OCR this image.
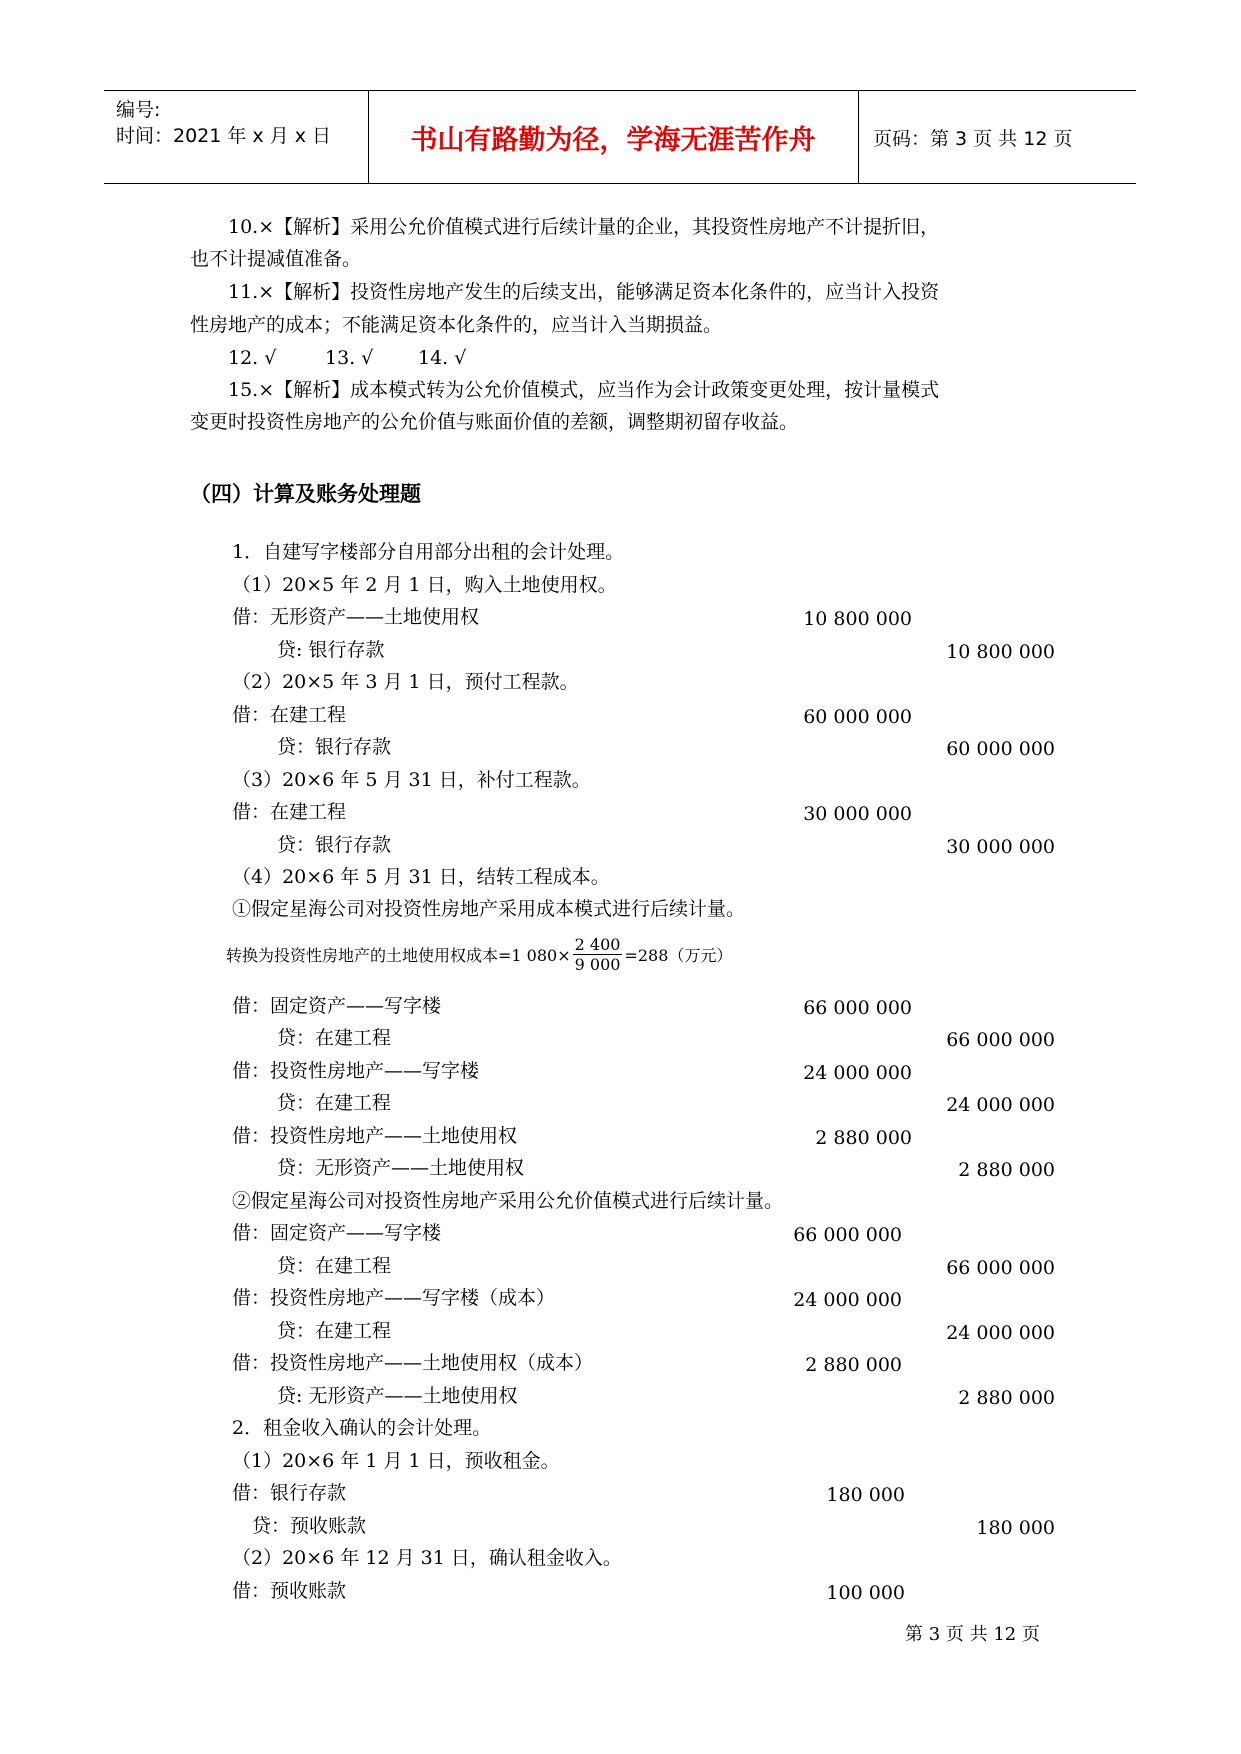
编号:
时间：2021 年 x 月 x 日	书山有路勤为径，学海无涯苦作舟	页码：第 3 页 共 12 页
10.×【解析】采用公允价值模式进行后续计量的企业，其投资性房地产不计提折旧，
也不计提减值准备。
11.×【解析】投资性房地产发生的后续支出，能够满足资本化条件的，应当计入投资
性房地产的成本；不能满足资本化条件的，应当计入当期损益。
12. √	13. √ 14. √
15.×【解析】成本模式转为公允价值模式，应当作为会计政策变更处理，按计量模式
变更时投资性房地产的公允价值与账面价值的差额，调整期初留存收益。
（四）计算及账务处理题
1．自建写字楼部分自用部分出租的会计处理。
（1）20×5 年 2 月 1 日，购入土地使用权。
借：无形资产——土地使用权	10 800 000
贷: 银行存款	10 800 000
（2）20×5 年 3 月 1 日，预付工程款。
借：在建工程	60 000 000
贷：银行存款	60 000 000
（3）20×6 年 5 月 31 日，补付工程款。
借：在建工程	30 000 000
贷：银行存款	30 000 000
（4）20×6 年 5 月 31 日，结转工程成本。
①假定星海公司对投资性房地产采用成本模式进行后续计量。
转换为投资性房地产的土地使用权成本=1 $080\times \frac{2 400}{9 000} =288$（万元）
借：固定资产——写字楼	66 000 000
贷：在建工程	66 000 000
借：投资性房地产——写字楼	24 000 000
贷：在建工程	24 000 000
借：投资性房地产——土地使用权	2 880 000
贷：无形资产——土地使用权	2 880 000
②假定星海公司对投资性房地产采用公允价值模式进行后续计量。
借：固定资产——写字楼	66 000 000
贷：在建工程	66 000 000
借：投资性房地产——写字楼（成本）	24 000 000
贷：在建工程	24 000 000
借：投资性房地产——土地使用权（成本）	2 880 000
贷: 无形资产——土地使用权	2 880 000
2．租金收入确认的会计处理。
（1）20×6 年 1 月 1 日，预收租金。
借：银行存款	180 000
贷：预收账款	180 000
（2）20×6 年 12 月 31 日，确认租金收入。
借：预收账款	100 000
第 3 页 共 12 页
